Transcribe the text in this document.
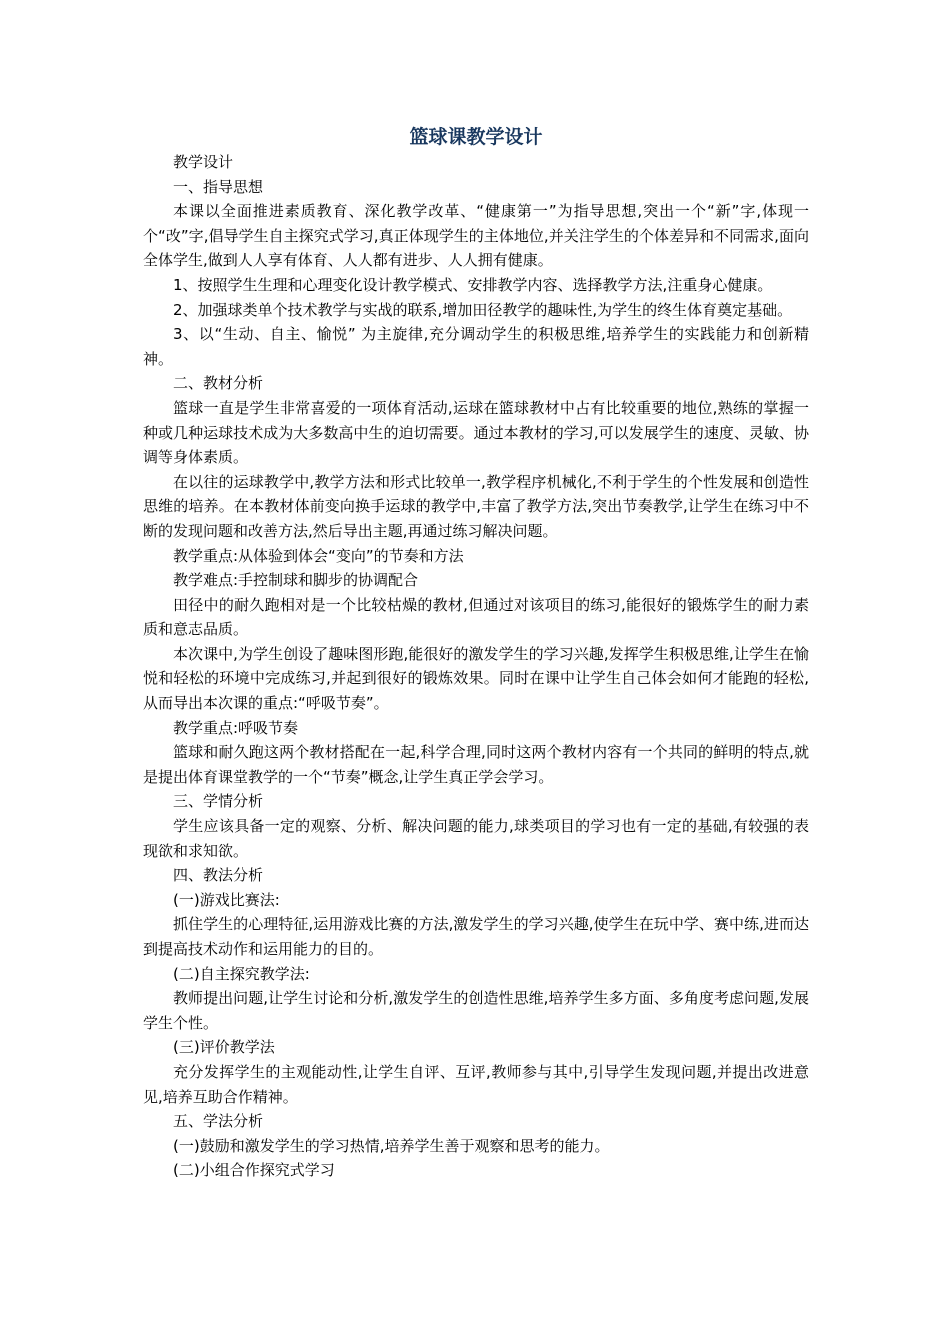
篮球课教学设计

教学设计

一、指导思想

本课以全面推进素质教育、深化教学改革、“健康第一”为指导思想,突出一个“新”字,体现一个“改”字,倡导学生自主探究式学习,真正体现学生的主体地位,并关注学生的个体差异和不同需求,面向全体学生,做到人人享有体育、人人都有进步、人人拥有健康。

1、按照学生生理和心理变化设计教学模式、安排教学内容、选择教学方法,注重身心健康。

2、加强球类单个技术教学与实战的联系,增加田径教学的趣味性,为学生的终生体育奠定基础。

3、以“生动、自主、愉悦” 为主旋律,充分调动学生的积极思维,培养学生的实践能力和创新精神。

二、教材分析

篮球一直是学生非常喜爱的一项体育活动,运球在篮球教材中占有比较重要的地位,熟练的掌握一种或几种运球技术成为大多数高中生的迫切需要。通过本教材的学习,可以发展学生的速度、灵敏、协调等身体素质。

在以往的运球教学中,教学方法和形式比较单一,教学程序机械化,不利于学生的个性发展和创造性思维的培养。在本教材体前变向换手运球的教学中,丰富了教学方法,突出节奏教学,让学生在练习中不断的发现问题和改善方法,然后导出主题,再通过练习解决问题。

教学重点:从体验到体会“变向”的节奏和方法

教学难点:手控制球和脚步的协调配合

田径中的耐久跑相对是一个比较枯燥的教材,但通过对该项目的练习,能很好的锻炼学生的耐力素质和意志品质。

本次课中,为学生创设了趣味图形跑,能很好的激发学生的学习兴趣,发挥学生积极思维,让学生在愉悦和轻松的环境中完成练习,并起到很好的锻炼效果。同时在课中让学生自己体会如何才能跑的轻松,从而导出本次课的重点:“呼吸节奏”。

教学重点:呼吸节奏

篮球和耐久跑这两个教材搭配在一起,科学合理,同时这两个教材内容有一个共同的鲜明的特点,就是提出体育课堂教学的一个“节奏”概念,让学生真正学会学习。

三、学情分析

学生应该具备一定的观察、分析、解决问题的能力,球类项目的学习也有一定的基础,有较强的表现欲和求知欲。

四、教法分析

(一)游戏比赛法:

抓住学生的心理特征,运用游戏比赛的方法,激发学生的学习兴趣,使学生在玩中学、赛中练,进而达到提高技术动作和运用能力的目的。

(二)自主探究教学法:

教师提出问题,让学生讨论和分析,激发学生的创造性思维,培养学生多方面、多角度考虑问题,发展学生个性。

(三)评价教学法

充分发挥学生的主观能动性,让学生自评、互评,教师参与其中,引导学生发现问题,并提出改进意见,培养互助合作精神。

五、学法分析

(一)鼓励和激发学生的学习热情,培养学生善于观察和思考的能力。

(二)小组合作探究式学习
